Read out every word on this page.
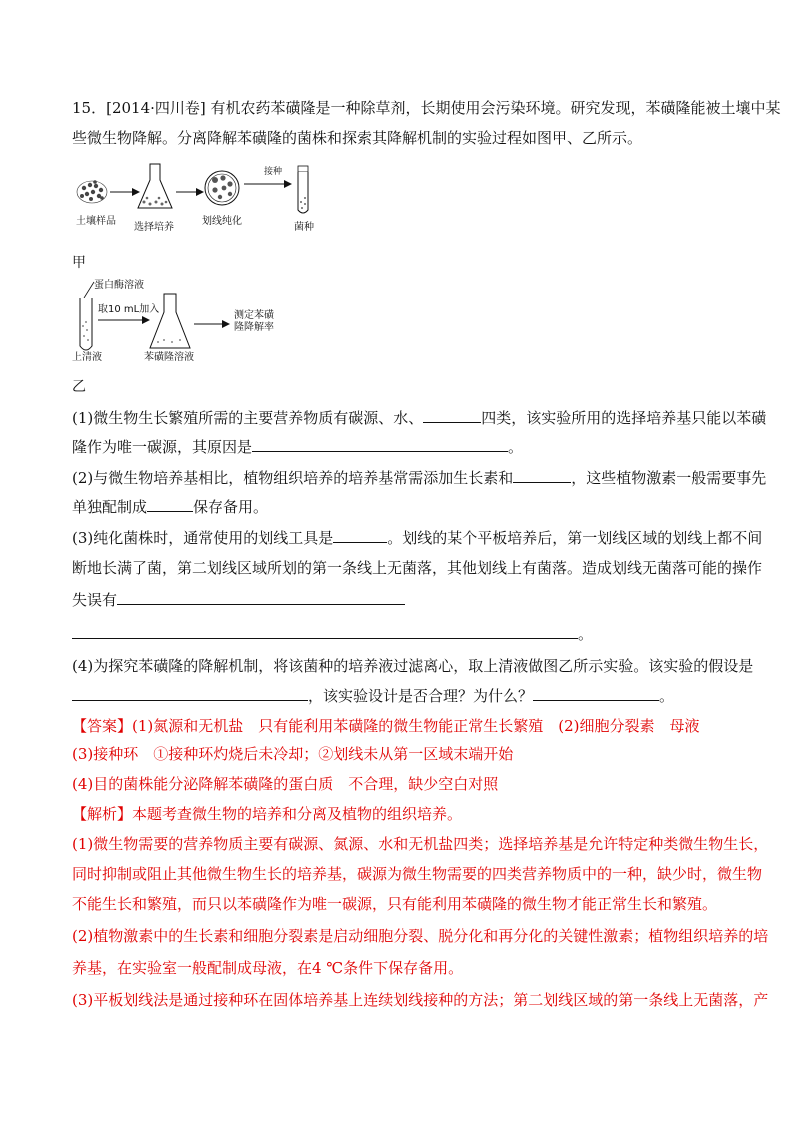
15．[2014·四川卷] 有机农药苯磺隆是一种除草剂，长期使用会污染环境。研究发现，苯磺隆能被土壤中某
些微生物降解。分离降解苯磺隆的菌株和探索其降解机制的实验过程如图甲、乙所示。
接种
土壤样品
选择培养
划线纯化
菌种
甲
蛋白酶溶液
取10 mL加入
测定苯磺
隆降解率
上清液	苯磺隆溶液
乙
(1)微生物生长繁殖所需的主要营养物质有碳源、水、	四类，该实验所用的选择培养基只能以苯磺
隆作为唯一碳源，其原因是	。
(2)与微生物培养基相比，植物组织培养的培养基常需添加生长素和	，这些植物激素一般需要事先
单独配制成	保存备用。
(3)纯化菌株时，通常使用的划线工具是	。划线的某个平板培养后，第一划线区域的划线上都不间
断地长满了菌，第二划线区域所划的第一条线上无菌落，其他划线上有菌落。造成划线无菌落可能的操作
失误有
。
(4)为探究苯磺隆的降解机制，将该菌种的培养液过滤离心，取上清液做图乙所示实验。该实验的假设是
，该实验设计是否合理？为什么？	。
【答案】(1)氮源和无机盐　只有能利用苯磺隆的微生物能正常生长繁殖　(2)细胞分裂素　母液
(3)接种环　①接种环灼烧后未冷却；②划线未从第一区域末端开始
(4)目的菌株能分泌降解苯磺隆的蛋白质　不合理，缺少空白对照
【解析】本题考查微生物的培养和分离及植物的组织培养。
(1)微生物需要的营养物质主要有碳源、氮源、水和无机盐四类；选择培养基是允许特定种类微生物生长，
同时抑制或阻止其他微生物生长的培养基，碳源为微生物需要的四类营养物质中的一种，缺少时，微生物
不能生长和繁殖，而只以苯磺隆作为唯一碳源，只有能利用苯磺隆的微生物才能正常生长和繁殖。
(2)植物激素中的生长素和细胞分裂素是启动细胞分裂、脱分化和再分化的关键性激素；植物组织培养的培
养基，在实验室一般配制成母液，在4 ℃条件下保存备用。
(3)平板划线法是通过接种环在固体培养基上连续划线接种的方法；第二划线区域的第一条线上无菌落，产
